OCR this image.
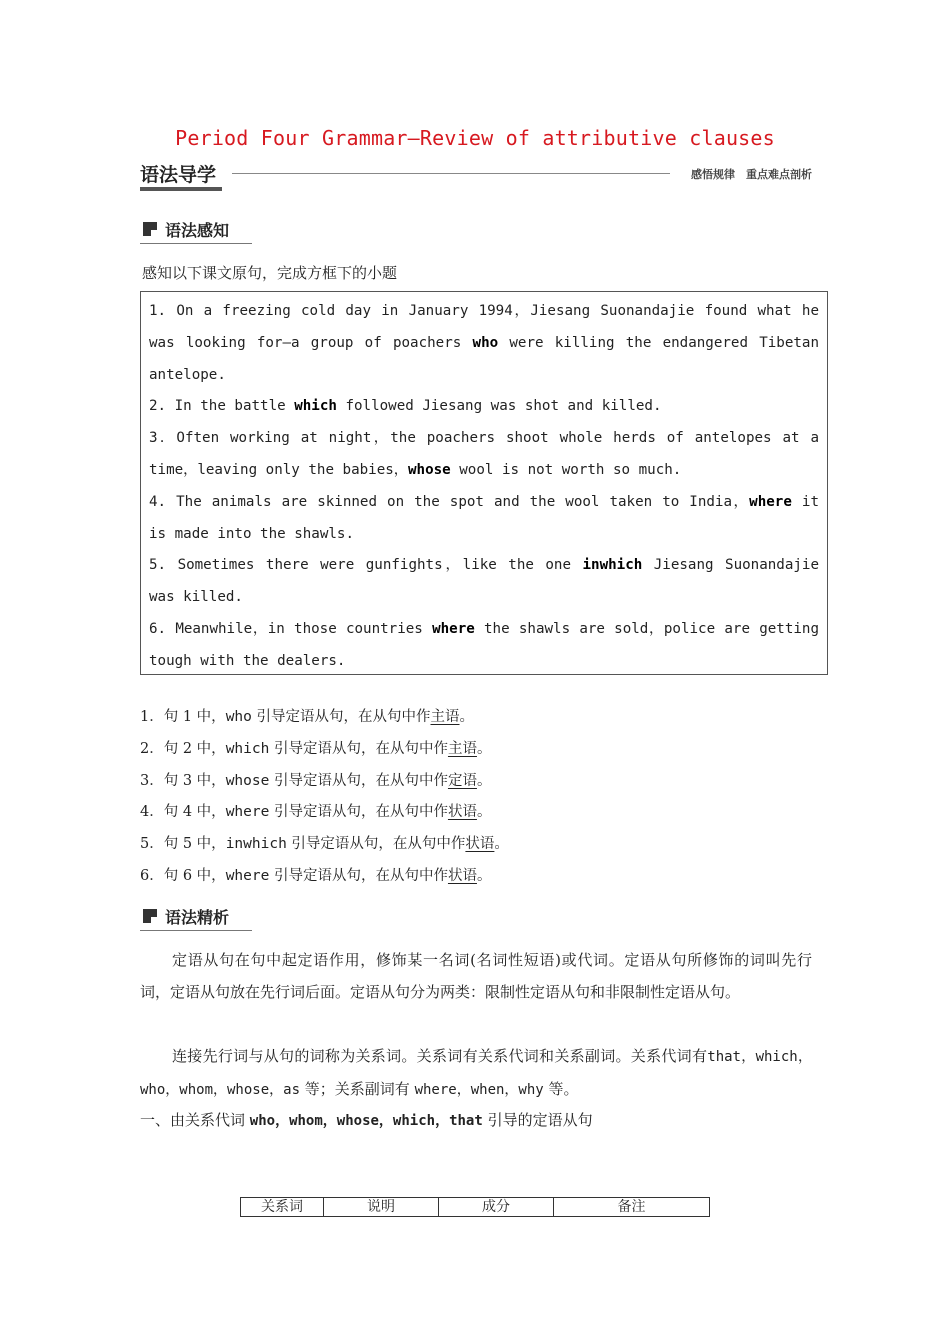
Period Four Grammar—Review of attributive clauses
语法导学	感悟规律　重点难点剖析
语法感知
感知以下课文原句，完成方框下的小题

1. On a freezing cold day in January 1994，Jiesang Suonandajie found what he was looking for—a group of poachers who were killing the endangered Tibetan antelope.

2. In the battle which followed Jiesang was shot and killed.

3．Often working at night，the poachers shoot whole herds of antelopes at a time，leaving only the babies，whose wool is not worth so much.

4. The animals are skinned on the spot and the wool taken to India，where it is made into the shawls.

5. Sometimes there were gunfights，like the one inwhich Jiesang Suonandajie was killed.

6. Meanwhile，in those countries where the shawls are sold，police are getting tough with the dealers.

1．句 1 中，who 引导定语从句，在从句中作主语。
2．句 2 中，which 引导定语从句，在从句中作主语。
3．句 3 中，whose 引导定语从句，在从句中作定语。
4．句 4 中，where 引导定语从句，在从句中作状语。
5．句 5 中，inwhich 引导定语从句，在从句中作状语。
6．句 6 中，where 引导定语从句，在从句中作状语。
语法精析
定语从句在句中起定语作用，修饰某一名词(名词性短语)或代词。定语从句所修饰的词叫先行词，定语从句放在先行词后面。定语从句分为两类：限制性定语从句和非限制性定语从句。
连接先行词与从句的词称为关系词。关系词有关系代词和关系副词。关系代词有that，which，who，whom，whose，as 等；关系副词有 where，when，why 等。
一、由关系代词 who，whom，whose，which，that 引导的定语从句
关系词	说明	成分	备注
